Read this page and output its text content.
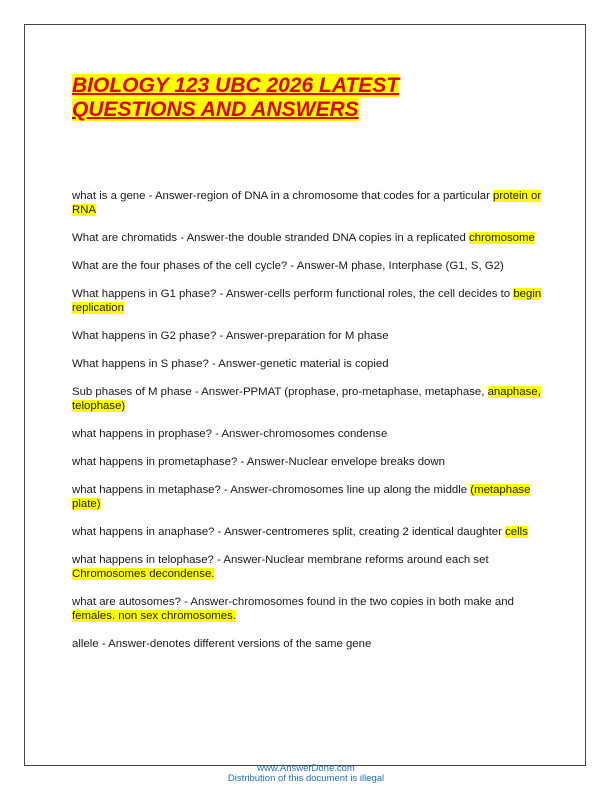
BIOLOGY 123 UBC 2026 LATEST
QUESTIONS AND ANSWERS
what is a gene - Answer-region of DNA in a chromosome that codes for a particular protein or RNA
What are chromatids - Answer-the double stranded DNA copies in a replicated chromosome
What are the four phases of the cell cycle? - Answer-M phase, Interphase (G1, S, G2)
What happens in G1 phase? - Answer-cells perform functional roles, the cell decides to begin replication
What happens in G2 phase? - Answer-preparation for M phase
What happens in S phase? - Answer-genetic material is copied
Sub phases of M phase - Answer-PPMAT (prophase, pro-metaphase, metaphase, anaphase, telophase)
what happens in prophase? - Answer-chromosomes condense
what happens in prometaphase? - Answer-Nuclear envelope breaks down
what happens in metaphase? - Answer-chromosomes line up along the middle (metaphase plate)
what happens in anaphase? - Answer-centromeres split, creating 2 identical daughter cells
what happens in telophase? - Answer-Nuclear membrane reforms around each set Chromosomes decondense.
what are autosomes? - Answer-chromosomes found in the two copies in both make and females. non sex chromosomes.
allele - Answer-denotes different versions of the same gene
www.AnswerDone.com
Distribution of this document is illegal
